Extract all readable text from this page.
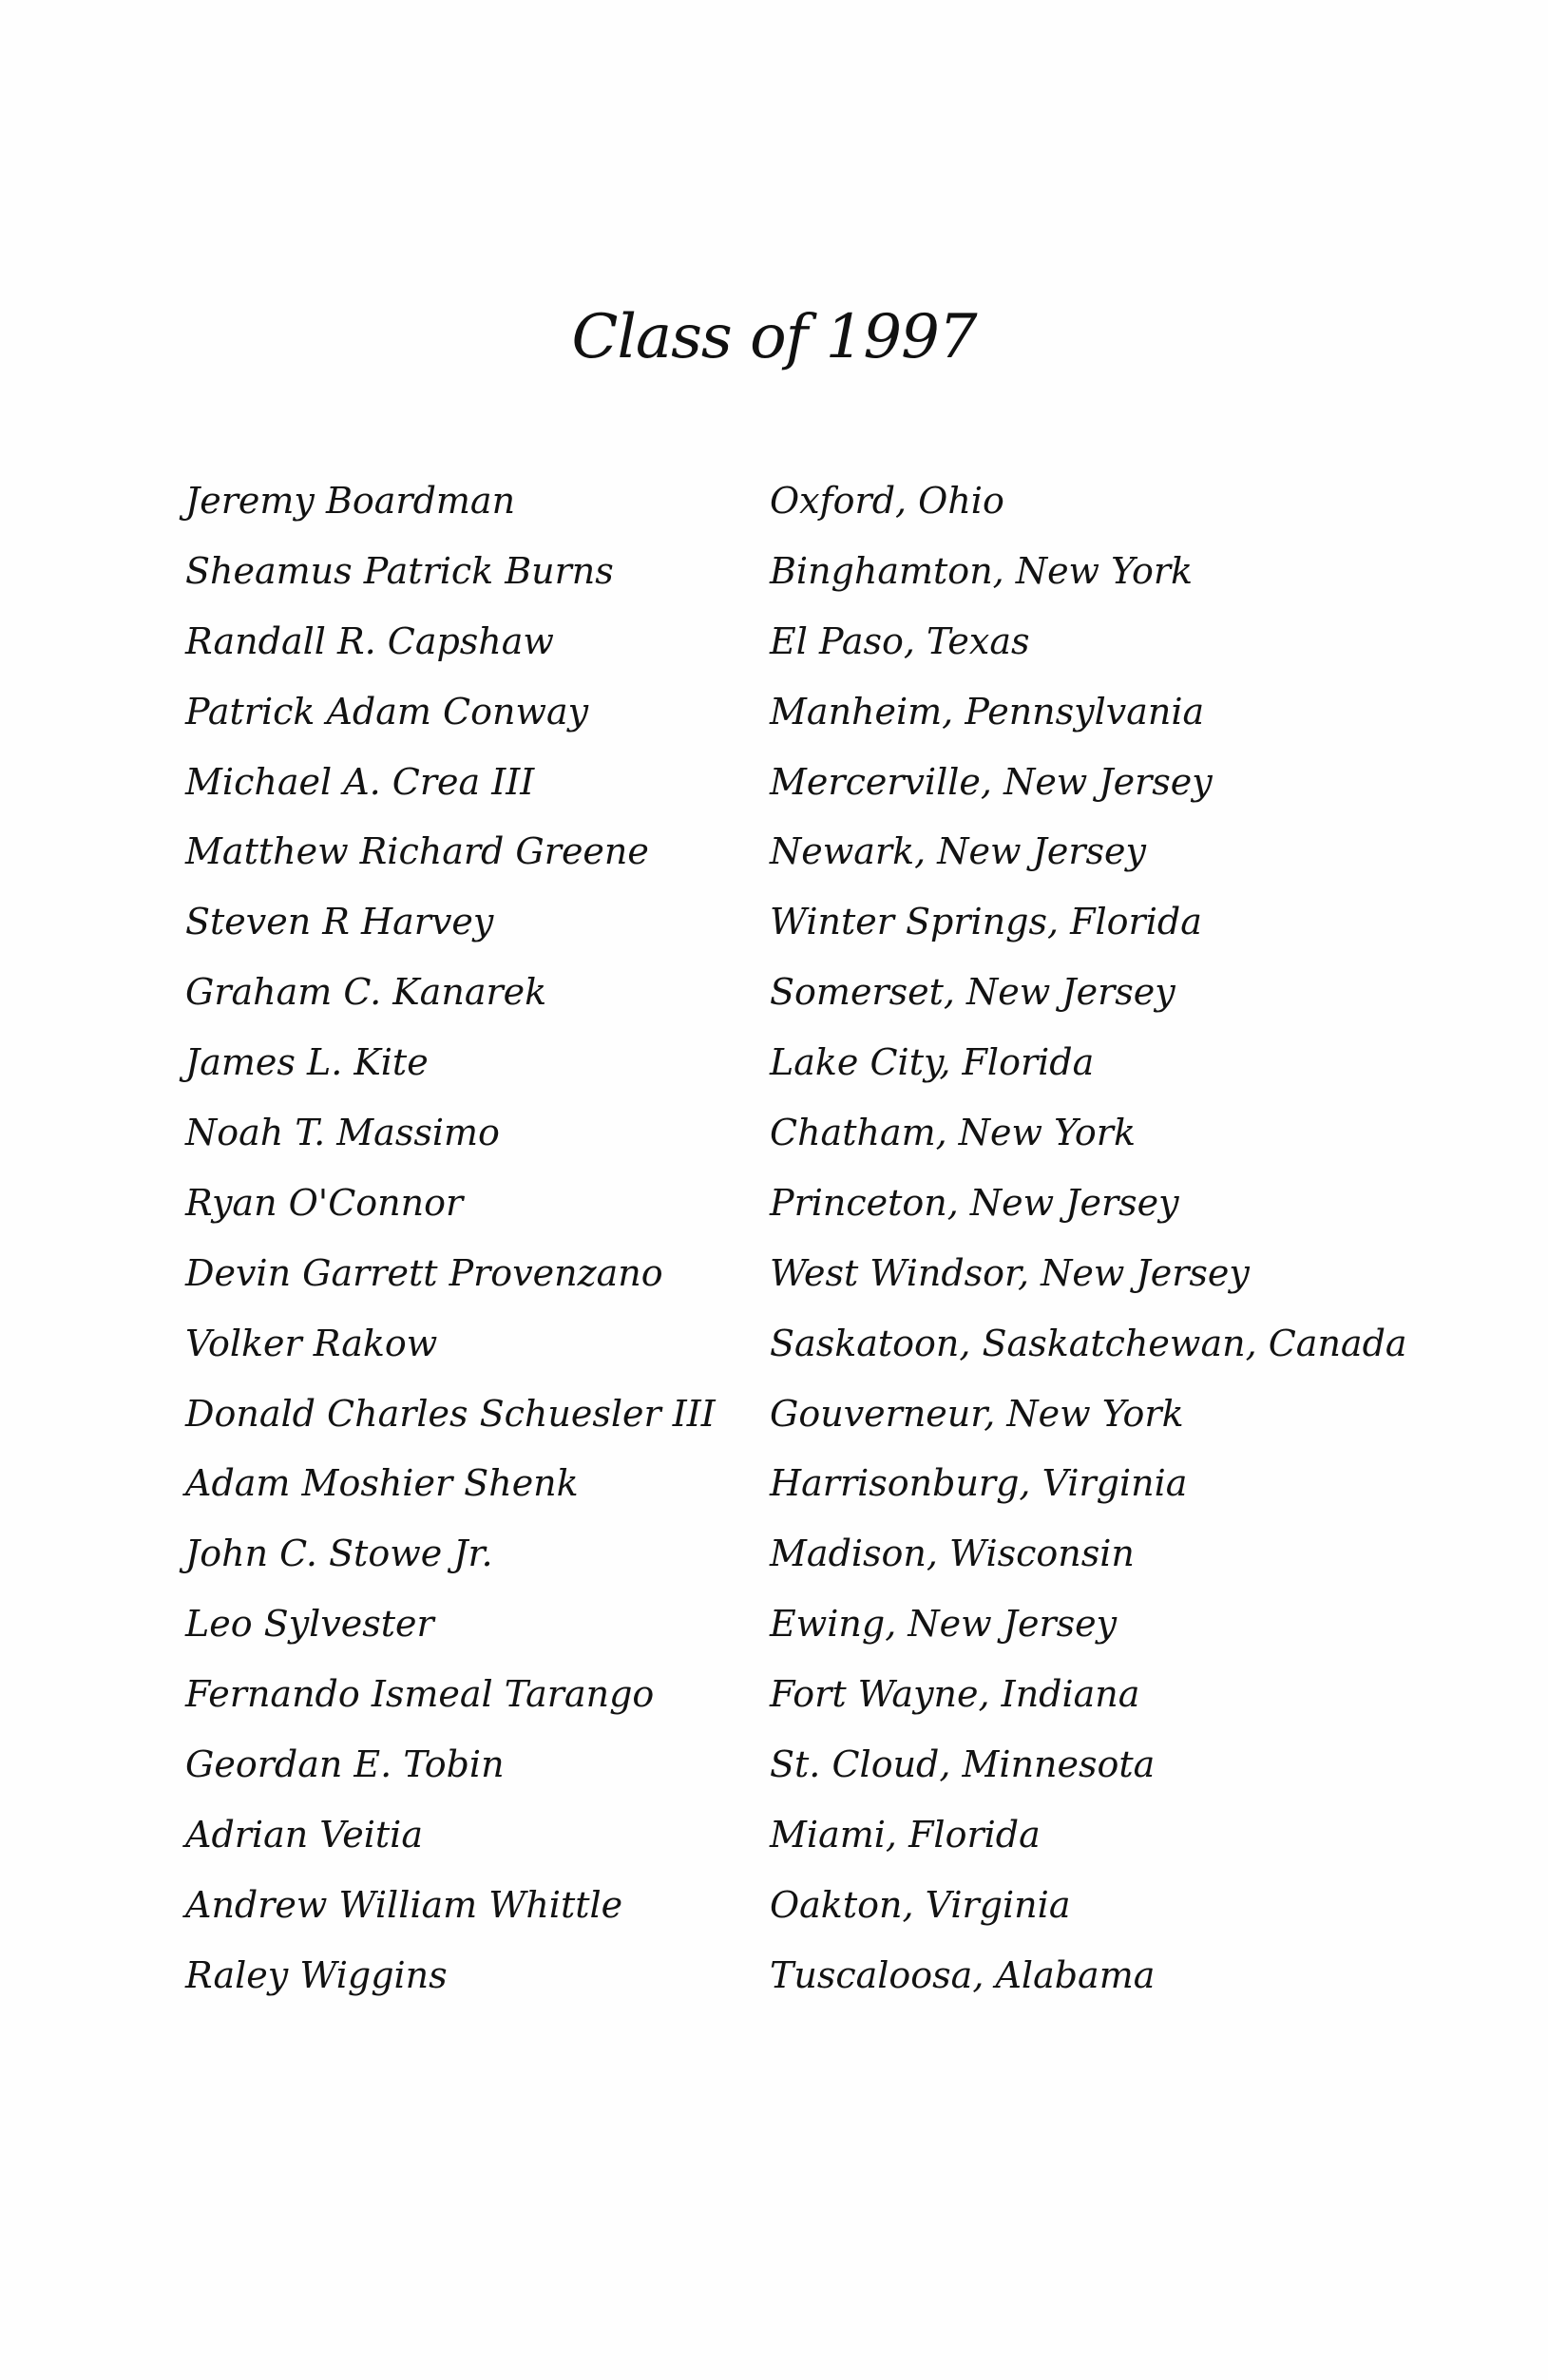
Class of 1997
Jeremy Boardman	Oxford, Ohio
Sheamus Patrick Burns	Binghamton, New York
Randall R. Capshaw	El Paso, Texas
Patrick Adam Conway	Manheim, Pennsylvania
Michael A. Crea III	Mercerville, New Jersey
Matthew Richard Greene	Newark, New Jersey
Steven R Harvey	Winter Springs, Florida
Graham C. Kanarek	Somerset, New Jersey
James L. Kite	Lake City, Florida
Noah T. Massimo	Chatham, New York
Ryan O'Connor	Princeton, New Jersey
Devin Garrett Provenzano	West Windsor, New Jersey
Volker Rakow	Saskatoon, Saskatchewan, Canada
Donald Charles Schuesler III	Gouverneur, New York
Adam Moshier Shenk	Harrisonburg, Virginia
John C. Stowe Jr.	Madison, Wisconsin
Leo Sylvester	Ewing, New Jersey
Fernando Ismeal Tarango	Fort Wayne, Indiana
Geordan E. Tobin	St. Cloud, Minnesota
Adrian Veitia	Miami, Florida
Andrew William Whittle	Oakton, Virginia
Raley Wiggins	Tuscaloosa, Alabama
